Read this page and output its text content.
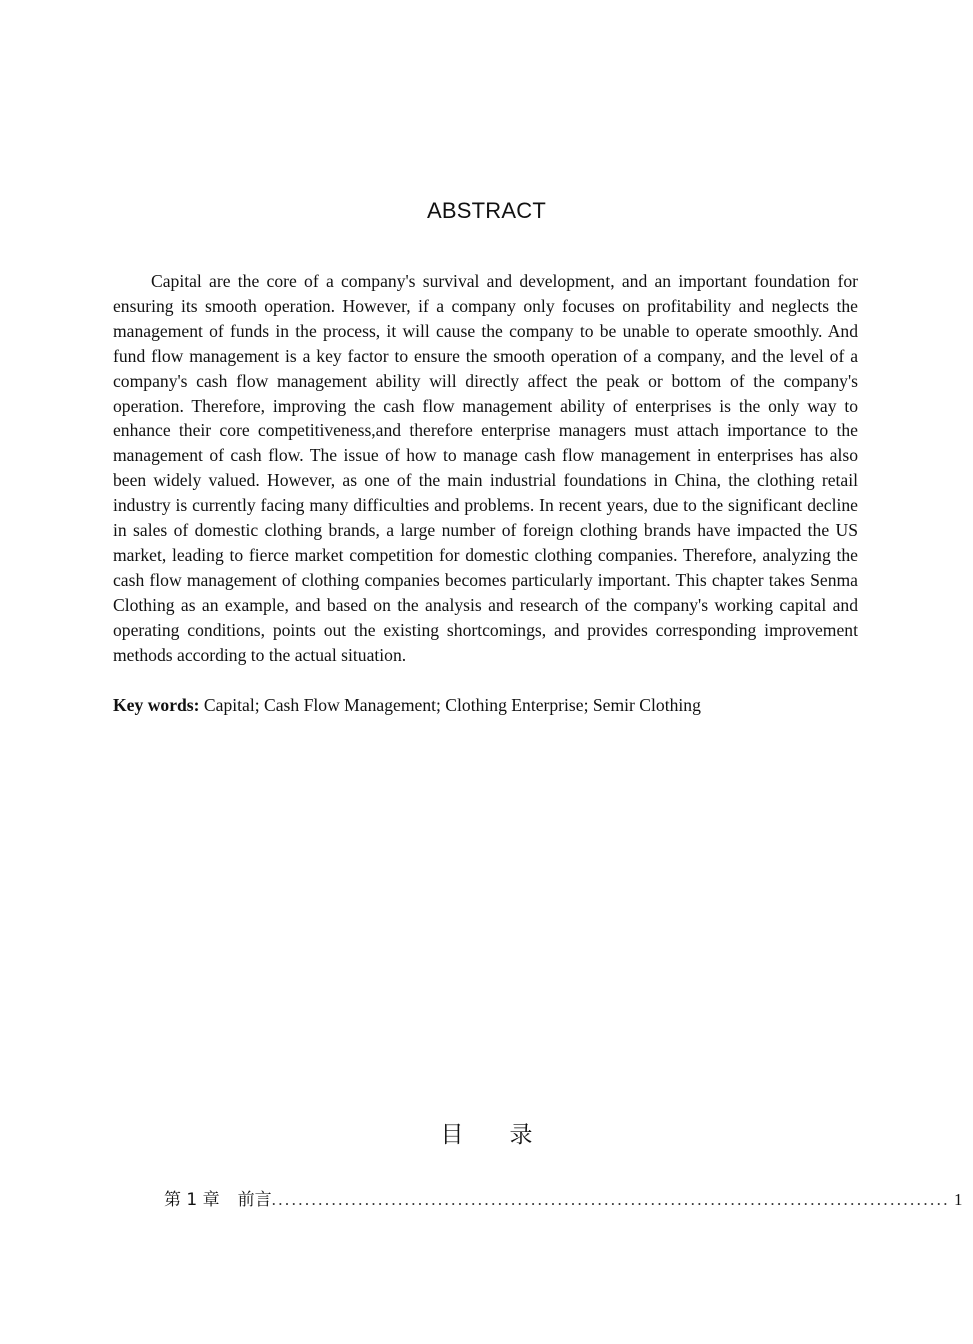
ABSTRACT

Capital are the core of a company's survival and development, and an important foundation for ensuring its smooth operation. However, if a company only focuses on profitability and neglects the management of funds in the process, it will cause the company to be unable to operate smoothly. And fund flow management is a key factor to ensure the smooth operation of a company, and the level of a company's cash flow management ability will directly affect the peak or bottom of the company's operation. Therefore, improving the cash flow management ability of enterprises is the only way to enhance their core competitiveness,and therefore enterprise managers must attach importance to the management of cash flow. The issue of how to manage cash flow management in enterprises has also been widely valued. However, as one of the main industrial foundations in China, the clothing retail industry is currently facing many difficulties and problems. In recent years, due to the significant decline in sales of domestic clothing brands, a large number of foreign clothing brands have impacted the US market, leading to fierce market competition for domestic clothing companies. Therefore, analyzing the cash flow management of clothing companies becomes particularly important. This chapter takes Senma Clothing as an example, and based on the analysis and research of the company's working capital and operating conditions, points out the existing shortcomings, and provides corresponding improvement methods according to the actual situation.

Key words: Capital; Cash Flow Management; Clothing Enterprise; Semir Clothing

目录
第 1 章 前言 ...................................................................................................... 1
